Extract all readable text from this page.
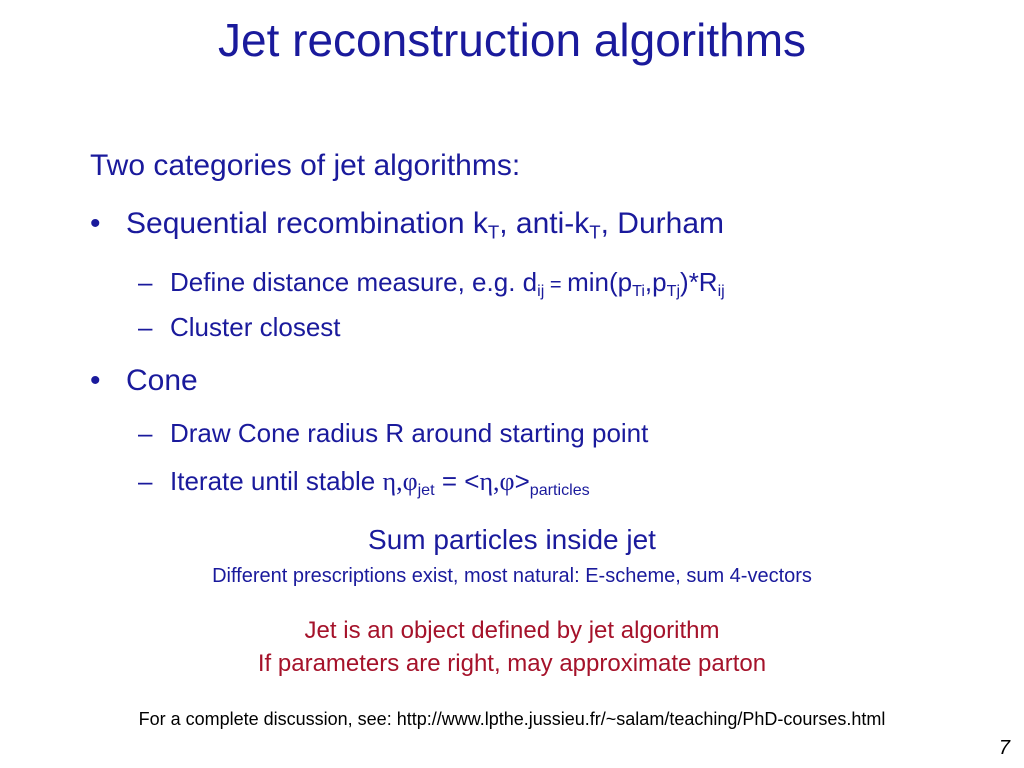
Jet reconstruction algorithms
Two categories of jet algorithms:
• Sequential recombination $k_T$, anti-$k_T$, Durham
– Define distance measure, e.g. $d_{ij} = \min(p_{Ti},p_{Tj})*R_{ij}$
– Cluster closest
• Cone
– Draw Cone radius R around starting point
– Iterate until stable $\eta,\varphi_{jet} = <\eta,\varphi>_{particles}$
Sum particles inside jet
Different prescriptions exist, most natural: E-scheme, sum 4-vectors
Jet is an object defined by jet algorithm
If parameters are right, may approximate parton
For a complete discussion, see: http://www.lpthe.jussieu.fr/~salam/teaching/PhD-courses.html
7
